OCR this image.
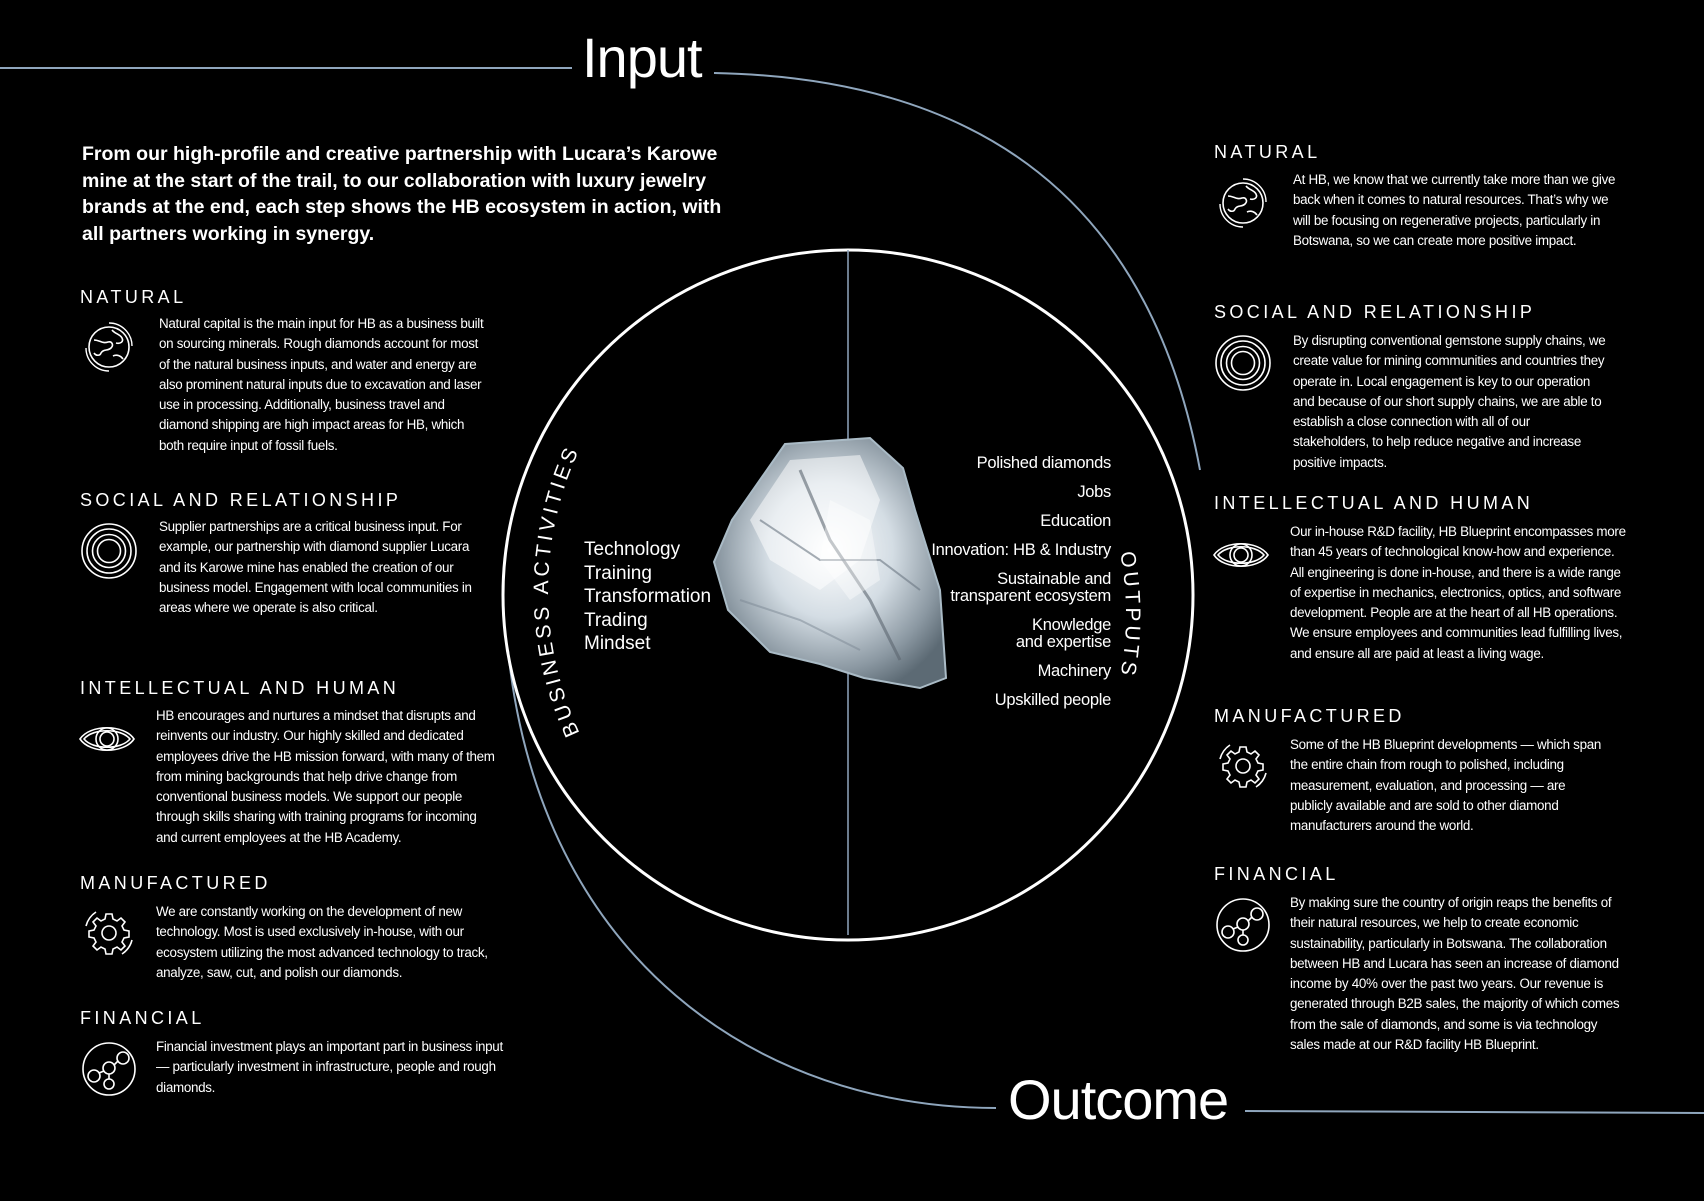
BUSINESS ACTIVITIES
OUTPUTS
Input
Outcome
From our high-profile and creative partnership with Lucara’s Karowe mine at the start of the trail, to our collaboration with luxury jewelry brands at the end, each step shows the HB ecosystem in action, with all partners working in synergy.
NATURAL
Natural capital is the main input for HB as a business built on sourcing minerals. Rough diamonds account for most of the natural business inputs, and water and energy are also prominent natural inputs due to excavation and laser use in processing. Additionally, business travel and diamond shipping are high impact areas for HB, which both require input of fossil fuels.
SOCIAL AND RELATIONSHIP
Supplier partnerships are a critical business input. For example, our partnership with diamond supplier Lucara and its Karowe mine has enabled the creation of our business model. Engagement with local communities in areas where we operate is also critical.
INTELLECTUAL AND HUMAN
HB encourages and nurtures a mindset that disrupts and reinvents our industry. Our highly skilled and dedicated employees drive the HB mission forward, with many of them from mining backgrounds that help drive change from conventional business models. We support our people through skills sharing with training programs for incoming and current employees at the HB Academy.
MANUFACTURED
We are constantly working on the development of new technology. Most is used exclusively in-house, with our ecosystem utilizing the most advanced technology to track, analyze, saw, cut, and polish our diamonds.
FINANCIAL
Financial investment plays an important part in business input — particularly investment in infrastructure, people and rough diamonds.
Technology
Training
Transformation
Trading
Mindset
Polished diamonds
Jobs
Education
Innovation: HB & Industry
Sustainable and
transparent ecosystem
Knowledge
and expertise
Machinery
Upskilled people
NATURAL
At HB, we know that we currently take more than we give back when it comes to natural resources. That’s why we will be focusing on regenerative projects, particularly in Botswana, so we can create more positive impact.
SOCIAL AND RELATIONSHIP
By disrupting conventional gemstone supply chains, we create value for mining communities and countries they operate in. Local engagement is key to our operation and because of our short supply chains, we are able to establish a close connection with all of our stakeholders, to help reduce negative and increase positive impacts.
INTELLECTUAL AND HUMAN
Our in-house R&D facility, HB Blueprint encompasses more than 45 years of technological know-how and experience. All engineering is done in-house, and there is a wide range of expertise in mechanics, electronics, optics, and software development. People are at the heart of all HB operations. We ensure employees and communities lead fulfilling lives, and ensure all are paid at least a living wage.
MANUFACTURED
Some of the HB Blueprint developments — which span the entire chain from rough to polished, including measurement, evaluation, and processing — are publicly available and are sold to other diamond manufacturers around the world.
FINANCIAL
By making sure the country of origin reaps the benefits of their natural resources, we help to create economic sustainability, particularly in Botswana. The collaboration between HB and Lucara has seen an increase of diamond income by 40% over the past two years. Our revenue is generated through B2B sales, the majority of which comes from the sale of diamonds, and some is via technology sales made at our R&D facility HB Blueprint.
